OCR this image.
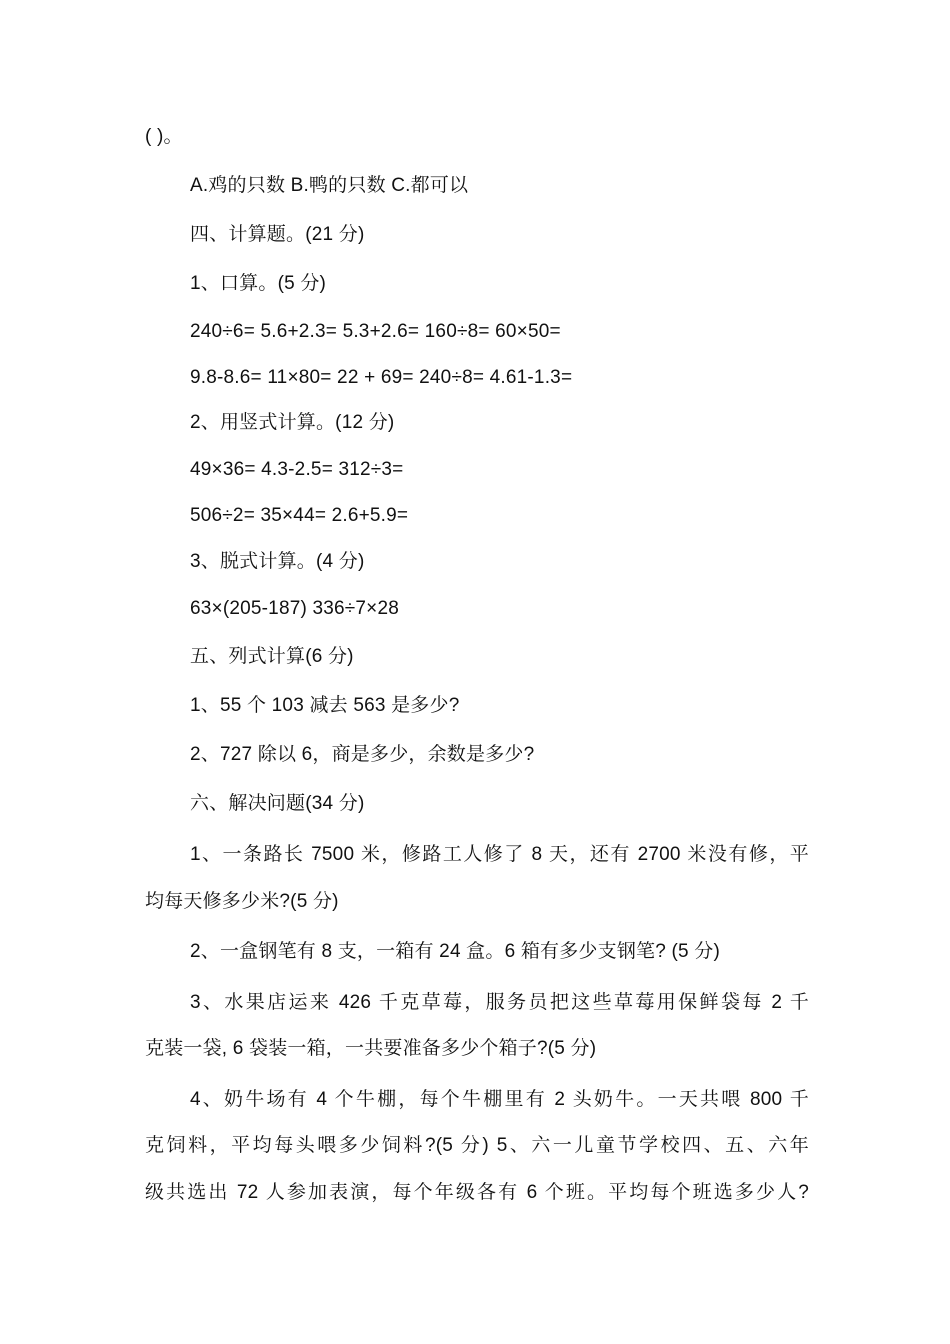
( )。
A.鸡的只数 B.鸭的只数 C.都可以
四、计算题。(21 分)
1、口算。(5 分)
240÷6= 5.6+2.3= 5.3+2.6= 160÷8= 60×50=
9.8-8.6= 11×80= 22 + 69= 240÷8= 4.61-1.3=
2、用竖式计算。(12 分)
49×36= 4.3-2.5= 312÷3=
506÷2= 35×44= 2.6+5.9=
3、脱式计算。(4 分)
63×(205-187) 336÷7×28
五、列式计算(6 分)
1、55 个 103 减去 563 是多少?
2、727 除以 6，商是多少，余数是多少?
六、解决问题(34 分)
1、一条路长 7500 米，修路工人修了 8 天，还有 2700 米没有修，平
均每天修多少米?(5 分)
2、一盒钢笔有 8 支，一箱有 24 盒。6 箱有多少支钢笔? (5 分)
3、水果店运来 426 千克草莓，服务员把这些草莓用保鲜袋每 2 千
克装一袋, 6 袋装一箱，一共要准备多少个箱子?(5 分)
4、奶牛场有 4 个牛棚，每个牛棚里有 2 头奶牛。一天共喂 800 千
克饲料，平均每头喂多少饲料?(5 分) 5、六一儿童节学校四、五、六年
级共选出 72 人参加表演，每个年级各有 6 个班。平均每个班选多少人?
